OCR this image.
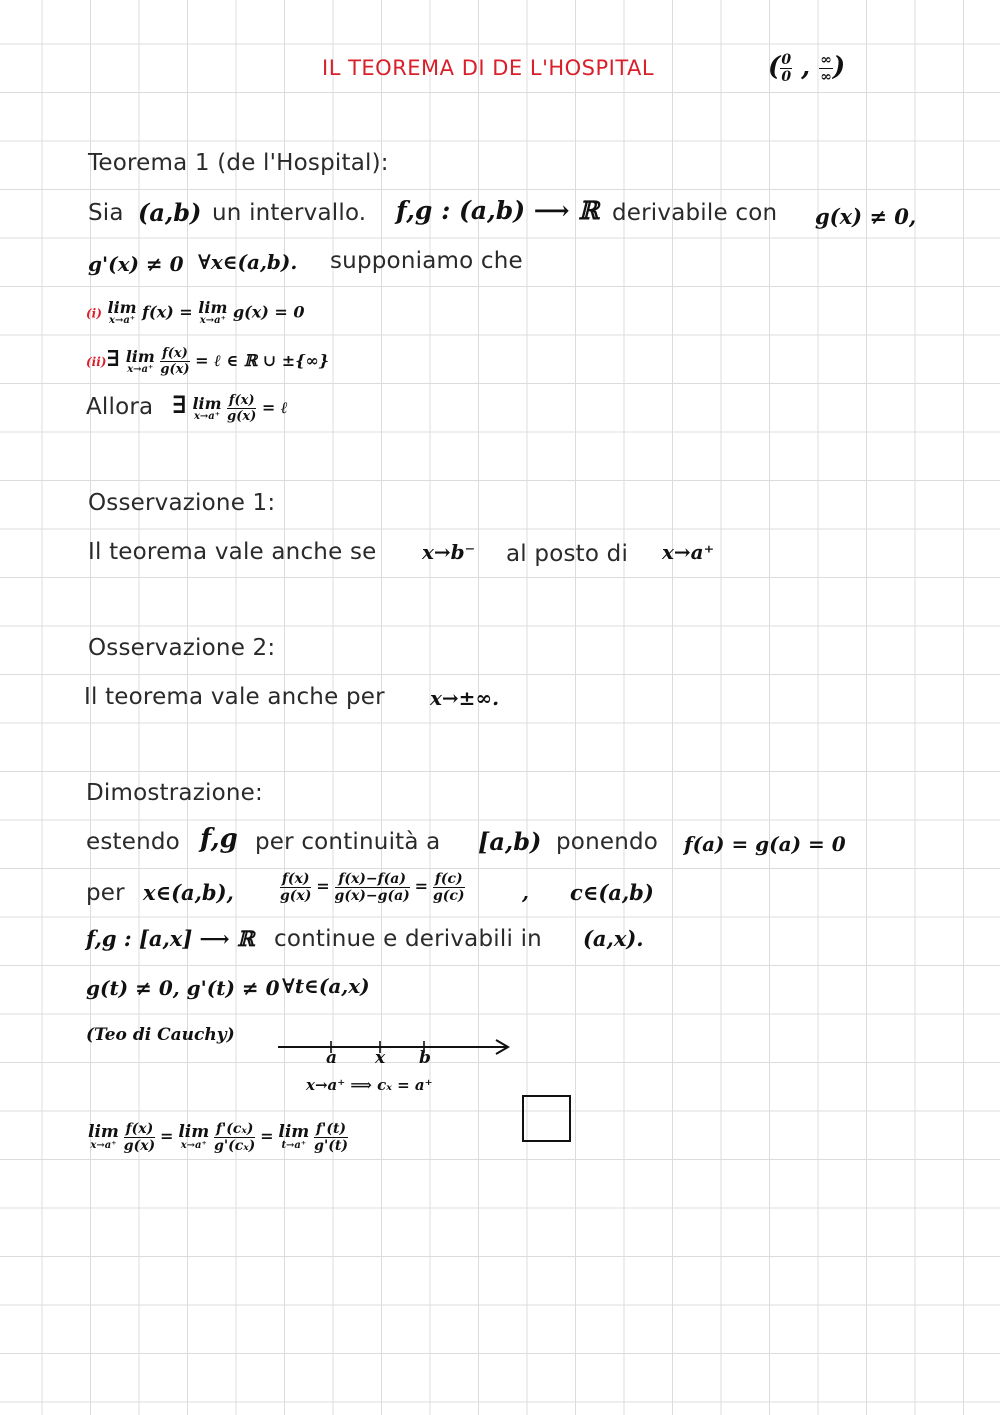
IL TEOREMA DI DE L'HOSPITAL	( $\frac{0}{0}$ , $\frac{\infty}{\infty}$ )
Teorema 1 (de l'Hospital):
Sia (a,b) un intervallo. f,g : (a,b) ⟶ ℝ derivabile con g(x) ≠ 0,
g'(x) ≠ 0 ∀x∈(a,b). supponiamo che
(i) lim
x→a⁺ f(x) = lim
x→a⁺ g(x) = 0
(ii)∃ lim
x→a⁺
$\frac{f(x)}{g(x)}$ = ℓ ∈ ℝ ∪ ±{∞}
Allora ∃ lim
x→a⁺
$\frac{f(x)}{g(x)}$ = ℓ
Osservazione 1:
Il teorema vale anche se x→b⁻ al posto di x→a⁺
Osservazione 2:
Il teorema vale anche per x→±∞.
Dimostrazione:
estendo f,g per continuità a [a,b) ponendo f(a) = g(a) = 0
per x∈(a,b),	$\frac{f(x)}{g(x)} = \frac{f(x)-f(a)}{g(x)-g(a)} = \frac{f(c)}{g(c)}$	, c∈(a,b)
f,g : [a,x] ⟶ ℝ continue e derivabili in (a,x).
g(t) ≠ 0, g'(t) ≠ 0 ∀t∈(a,x)
(Teo di Cauchy)
a x b
x→a⁺ ⟹ cₓ = a⁺
lim
x→a⁺
$\frac{f(x)}{g(x)} = \lim$
x→a⁺
$\frac{\text{f'(cₓ)}}{\text{g'(cₓ)}} = \lim$
t→a⁺
$\frac{f'(t)}{g'(t)}$
